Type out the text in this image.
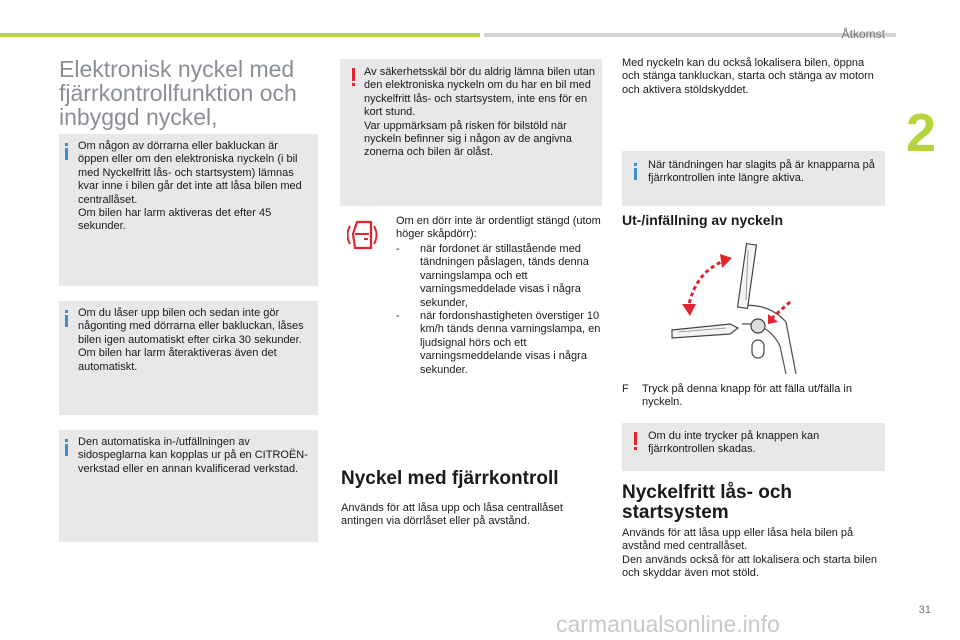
Åtkomst
2
Elektronisk nyckel med fjärrkontrollfunktion och inbyggd nyckel,
Om någon av dörrarna eller bakluckan är öppen eller om den elektroniska nyckeln (i bil med Nyckelfritt lås- och startsystem) lämnas kvar inne i bilen går det inte att låsa bilen med centrallåset.
Om bilen har larm aktiveras det efter 45 sekunder.
Om du låser upp bilen och sedan inte gör någonting med dörrarna eller bakluckan, låses bilen igen automatiskt efter cirka 30 sekunder. Om bilen har larm återaktiveras även det automatiskt.
Den automatiska in-/utfällningen av sidospeglarna kan kopplas ur på en CITROËN-verkstad eller en annan kvalificerad verkstad.
Av säkerhetsskäl bör du aldrig lämna bilen utan den elektroniska nyckeln om du har en bil med nyckelfritt lås- och startsystem, inte ens för en kort stund.
Var uppmärksam på risken för bilstöld när nyckeln befinner sig i någon av de angivna zonerna och bilen är olåst.
Om en dörr inte är ordentligt stängd (utom höger skåpdörr):
-	när fordonet är stillastående med tändningen påslagen, tänds denna varningslampa och ett varningsmeddelade visas i några sekunder,
-	när fordonshastigheten överstiger 10 km/h tänds denna varningslampa, en ljudsignal hörs och ett varningsmeddelande visas i några sekunder.
Nyckel med fjärrkontroll
Används för att låsa upp och låsa centrallåset antingen via dörrlåset eller på avstånd.
Med nyckeln kan du också lokalisera bilen, öppna och stänga tankluckan, starta och stänga av motorn och aktivera stöldskyddet.
När tändningen har slagits på är knapparna på fjärrkontrollen inte längre aktiva.
Ut-/infällning av nyckeln
F	Tryck på denna knapp för att fälla ut/fälla in nyckeln.
Om du inte trycker på knappen kan fjärrkontrollen skadas.
Nyckelfritt lås- och startsystem
Används för att låsa upp eller låsa hela bilen på avstånd med centrallåset.
Den används också för att lokalisera och starta bilen och skyddar även mot stöld.
carmanualsonline.info
31
